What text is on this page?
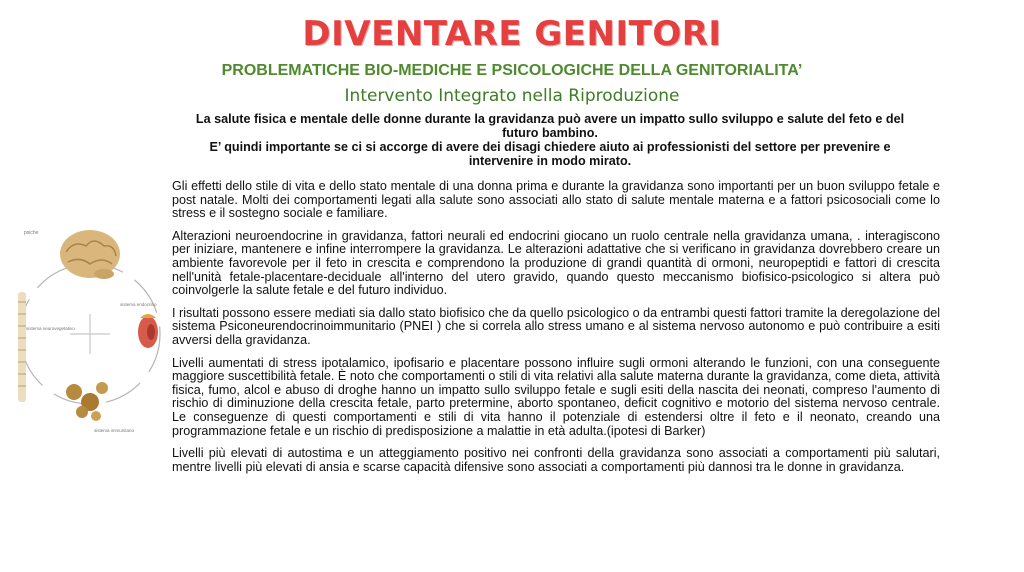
DIVENTARE GENITORI
PROBLEMATICHE BIO-MEDICHE E PSICOLOGICHE DELLA GENITORIALITA’
Intervento Integrato nella Riproduzione

La salute fisica e mentale delle donne durante la gravidanza può avere un impatto sullo sviluppo e salute del feto e del futuro bambino.

E’ quindi importante se ci si accorge di avere dei disagi chiedere aiuto ai professionisti del settore per prevenire e intervenire in modo mirato.

psiche
sistema neurovegetativo
sistema endocrino
sistema immunitario

Gli effetti dello stile di vita e dello stato mentale di una donna prima e durante la gravidanza sono importanti per un buon sviluppo fetale e post natale. Molti dei comportamenti legati alla salute sono associati allo stato di salute mentale materna e a fattori psicosociali come lo stress e il sostegno sociale e familiare.

Alterazioni neuroendocrine in gravidanza, fattori neurali ed endocrini giocano un ruolo centrale nella gravidanza umana, . interagiscono per iniziare, mantenere e infine interrompere la gravidanza. Le alterazioni adattative che si verificano in gravidanza dovrebbero creare un ambiente favorevole per il feto in crescita e comprendono la produzione di grandi quantità di ormoni, neuropeptidi e fattori di crescita nell'unità fetale-placentare-deciduale all'interno del utero gravido, quando questo meccanismo biofisico-psicologico si altera può coinvolgerle la salute fetale e del futuro individuo.

I risultati possono essere mediati sia dallo stato biofisico che da quello psicologico o da entrambi questi fattori tramite la deregolazione del sistema Psiconeurendocrinoimmunitario (PNEI ) che si correla allo stress umano e al sistema nervoso autonomo e può contribuire a esiti avversi della gravidanza.

Livelli aumentati di stress ipotalamico, ipofisario e placentare possono influire sugli ormoni alterando le funzioni, con una conseguente maggiore suscettibilità fetale. È noto che comportamenti o stili di vita relativi alla salute materna durante la gravidanza, come dieta, attività fisica, fumo, alcol e abuso di droghe hanno un impatto sullo sviluppo fetale e sugli esiti della nascita dei neonati, compreso l'aumento di rischio di diminuzione della crescita fetale, parto pretermine, aborto spontaneo, deficit cognitivo e motorio del sistema nervoso centrale. Le conseguenze di questi comportamenti e stili di vita hanno il potenziale di estendersi oltre il feto e il neonato, creando una programmazione fetale e un rischio di predisposizione a malattie in età adulta.(ipotesi di Barker)

Livelli più elevati di autostima e un atteggiamento positivo nei confronti della gravidanza sono associati a comportamenti più salutari, mentre livelli più elevati di ansia e scarse capacità difensive sono associati a comportamenti più dannosi tra le donne in gravidanza.
